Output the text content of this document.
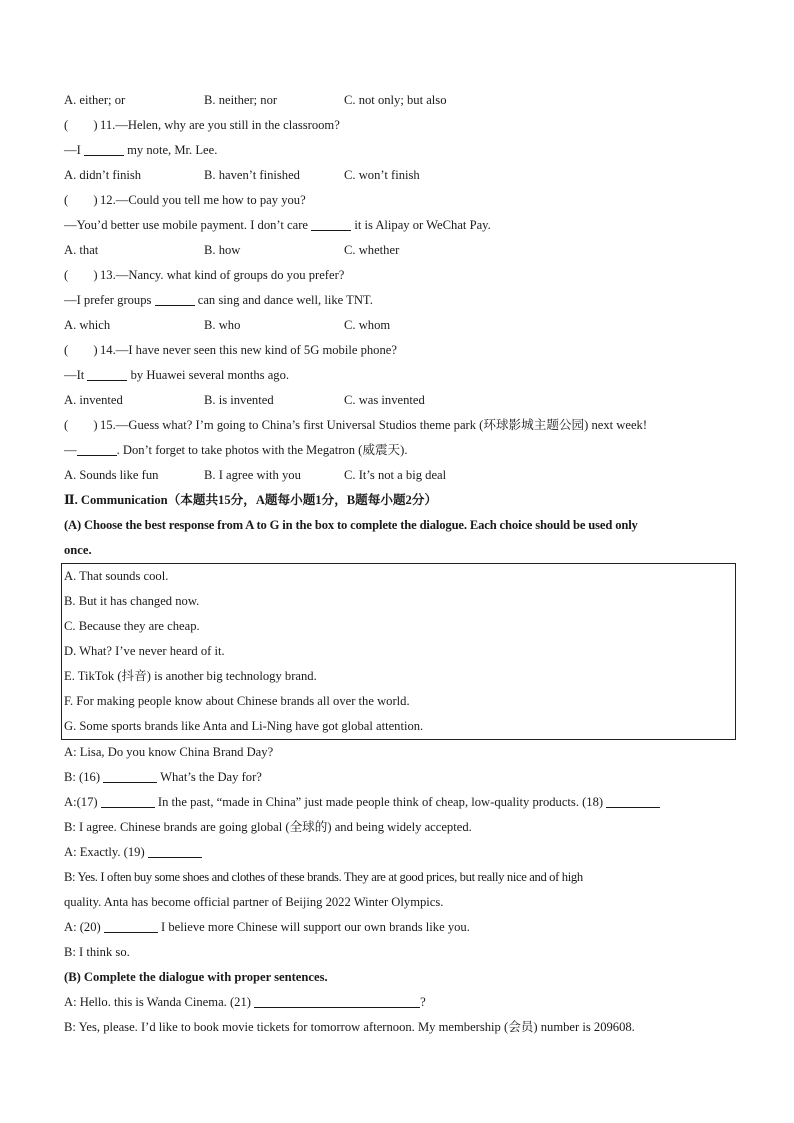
A. either; or	B. neither; nor	C. not only; but also
(　　) 11.—Helen, why are you still in the classroom?
—I	my note, Mr. Lee.
A. didn’t finish	B. haven’t finished	C. won’t finish
(　　) 12.—Could you tell me how to pay you?
—You’d better use mobile payment. I don’t care	it is Alipay or WeChat Pay.
A. that	B. how	C. whether
(　　) 13.—Nancy. what kind of groups do you prefer?
—I prefer groups	can sing and dance well, like TNT.
A. which	B. who	C. whom
(　　) 14.—I have never seen this new kind of 5G mobile phone?
—It	by Huawei several months ago.
A. invented	B. is invented	C. was invented
(　　) 15.—Guess what? I’m going to China’s first Universal Studios theme park (环球影城主题公园) next week!
—	. Don’t forget to take photos with the Megatron (威震天).
A. Sounds like fun	B. I agree with you	C. It’s not a big deal
Ⅱ. Communication（本题共15分，A题每小题1分，B题每小题2分）
(A) Choose the best response from A to G in the box to complete the dialogue. Each choice should be used only
once.
A. That sounds cool.
B. But it has changed now.
C. Because they are cheap.
D. What? I’ve never heard of it.
E. TikTok (抖音) is another big technology brand.
F. For making people know about Chinese brands all over the world.
G. Some sports brands like Anta and Li-Ning have got global attention.
A: Lisa, Do you know China Brand Day?
B: (16)	What’s the Day for?
A:(17)	In the past, “made in China” just made people think of cheap, low-quality products. (18)
B: I agree. Chinese brands are going global (全球的) and being widely accepted.
A: Exactly. (19)
B: Yes. I often buy some shoes and clothes of these brands. They are at good prices, but really nice and of high
quality. Anta has become official partner of Beijing 2022 Winter Olympics.
A: (20)	I believe more Chinese will support our own brands like you.
B: I think so.
(B) Complete the dialogue with proper sentences.
A: Hello. this is Wanda Cinema. (21)	?
B: Yes, please. I’d like to book movie tickets for tomorrow afternoon. My membership (会员) number is 209608.
